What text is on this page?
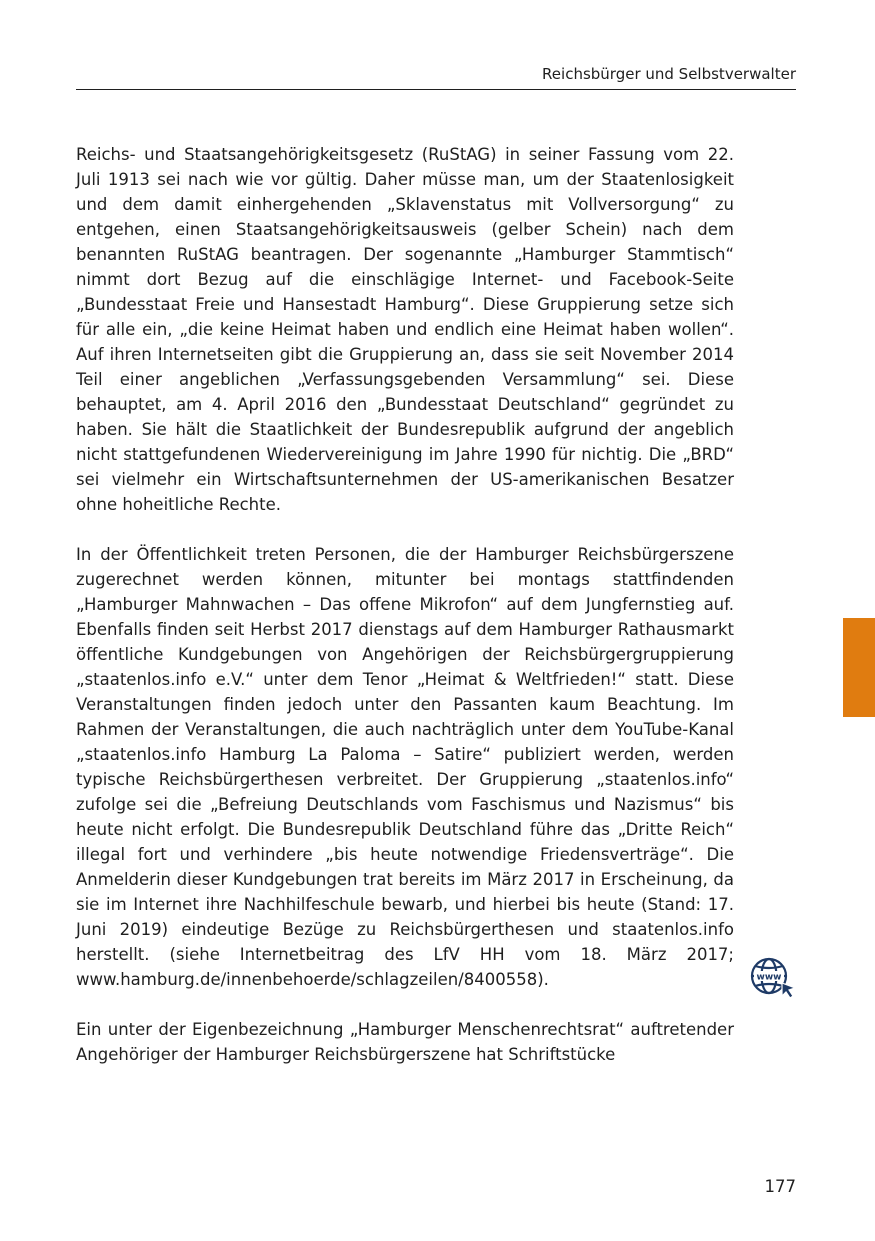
Reichsbürger und Selbstverwalter

Reichs- und Staatsangehörigkeitsgesetz (RuStAG) in seiner Fassung vom 22. Juli 1913 sei nach wie vor gültig. Daher müsse man, um der Staatenlosigkeit und dem damit einhergehenden „Sklavenstatus mit Vollversorgung“ zu entgehen, einen Staatsangehörigkeitsausweis (gelber Schein) nach dem benannten RuStAG beantragen. Der sogenannte „Hamburger Stammtisch“ nimmt dort Bezug auf die einschlägige Internet- und Facebook-Seite „Bundesstaat Freie und Hansestadt Hamburg“. Diese Gruppierung setze sich für alle ein, „die keine Heimat haben und endlich eine Heimat haben wollen“. Auf ihren Internetseiten gibt die Gruppierung an, dass sie seit November 2014 Teil einer angeblichen „Verfassungsgebenden Versammlung“ sei. Diese behauptet, am 4. April 2016 den „Bundesstaat Deutschland“ gegründet zu haben. Sie hält die Staatlichkeit der Bundesrepublik aufgrund der angeblich nicht stattgefundenen Wiedervereinigung im Jahre 1990 für nichtig. Die „BRD“ sei vielmehr ein Wirtschaftsunternehmen der US-amerikanischen Besatzer ohne hoheitliche Rechte.

In der Öffentlichkeit treten Personen, die der Hamburger Reichsbürgerszene zugerechnet werden können, mitunter bei montags stattfindenden „Hamburger Mahnwachen – Das offene Mikrofon“ auf dem Jungfernstieg auf. Ebenfalls finden seit Herbst 2017 dienstags auf dem Hamburger Rathausmarkt öffentliche Kundgebungen von Angehörigen der Reichsbürgergruppierung „staatenlos.info e.V.“ unter dem Tenor „Heimat & Weltfrieden!“ statt. Diese Veranstaltungen finden jedoch unter den Passanten kaum Beachtung. Im Rahmen der Veranstaltungen, die auch nachträglich unter dem YouTube-Kanal „staatenlos.info Hamburg La Paloma – Satire“ publiziert werden, werden typische Reichsbürgerthesen verbreitet. Der Gruppierung „staatenlos.info“ zufolge sei die „Befreiung Deutschlands vom Faschismus und Nazismus“ bis heute nicht erfolgt. Die Bundesrepublik Deutschland führe das „Dritte Reich“ illegal fort und verhindere „bis heute notwendige Friedensverträge“. Die Anmelderin dieser Kundgebungen trat bereits im März 2017 in Erscheinung, da sie im Internet ihre Nachhilfeschule bewarb, und hierbei bis heute (Stand: 17. Juni 2019) eindeutige Bezüge zu Reichsbürgerthesen und staatenlos.info herstellt. (siehe Internetbeitrag des LfV HH vom 18. März 2017; www.hamburg.de/innenbehoerde/schlagzeilen/8400558).

Ein unter der Eigenbezeichnung „Hamburger Menschenrechtsrat“ auftretender Angehöriger der Hamburger Reichsbürgerszene hat Schriftstücke

www
177
